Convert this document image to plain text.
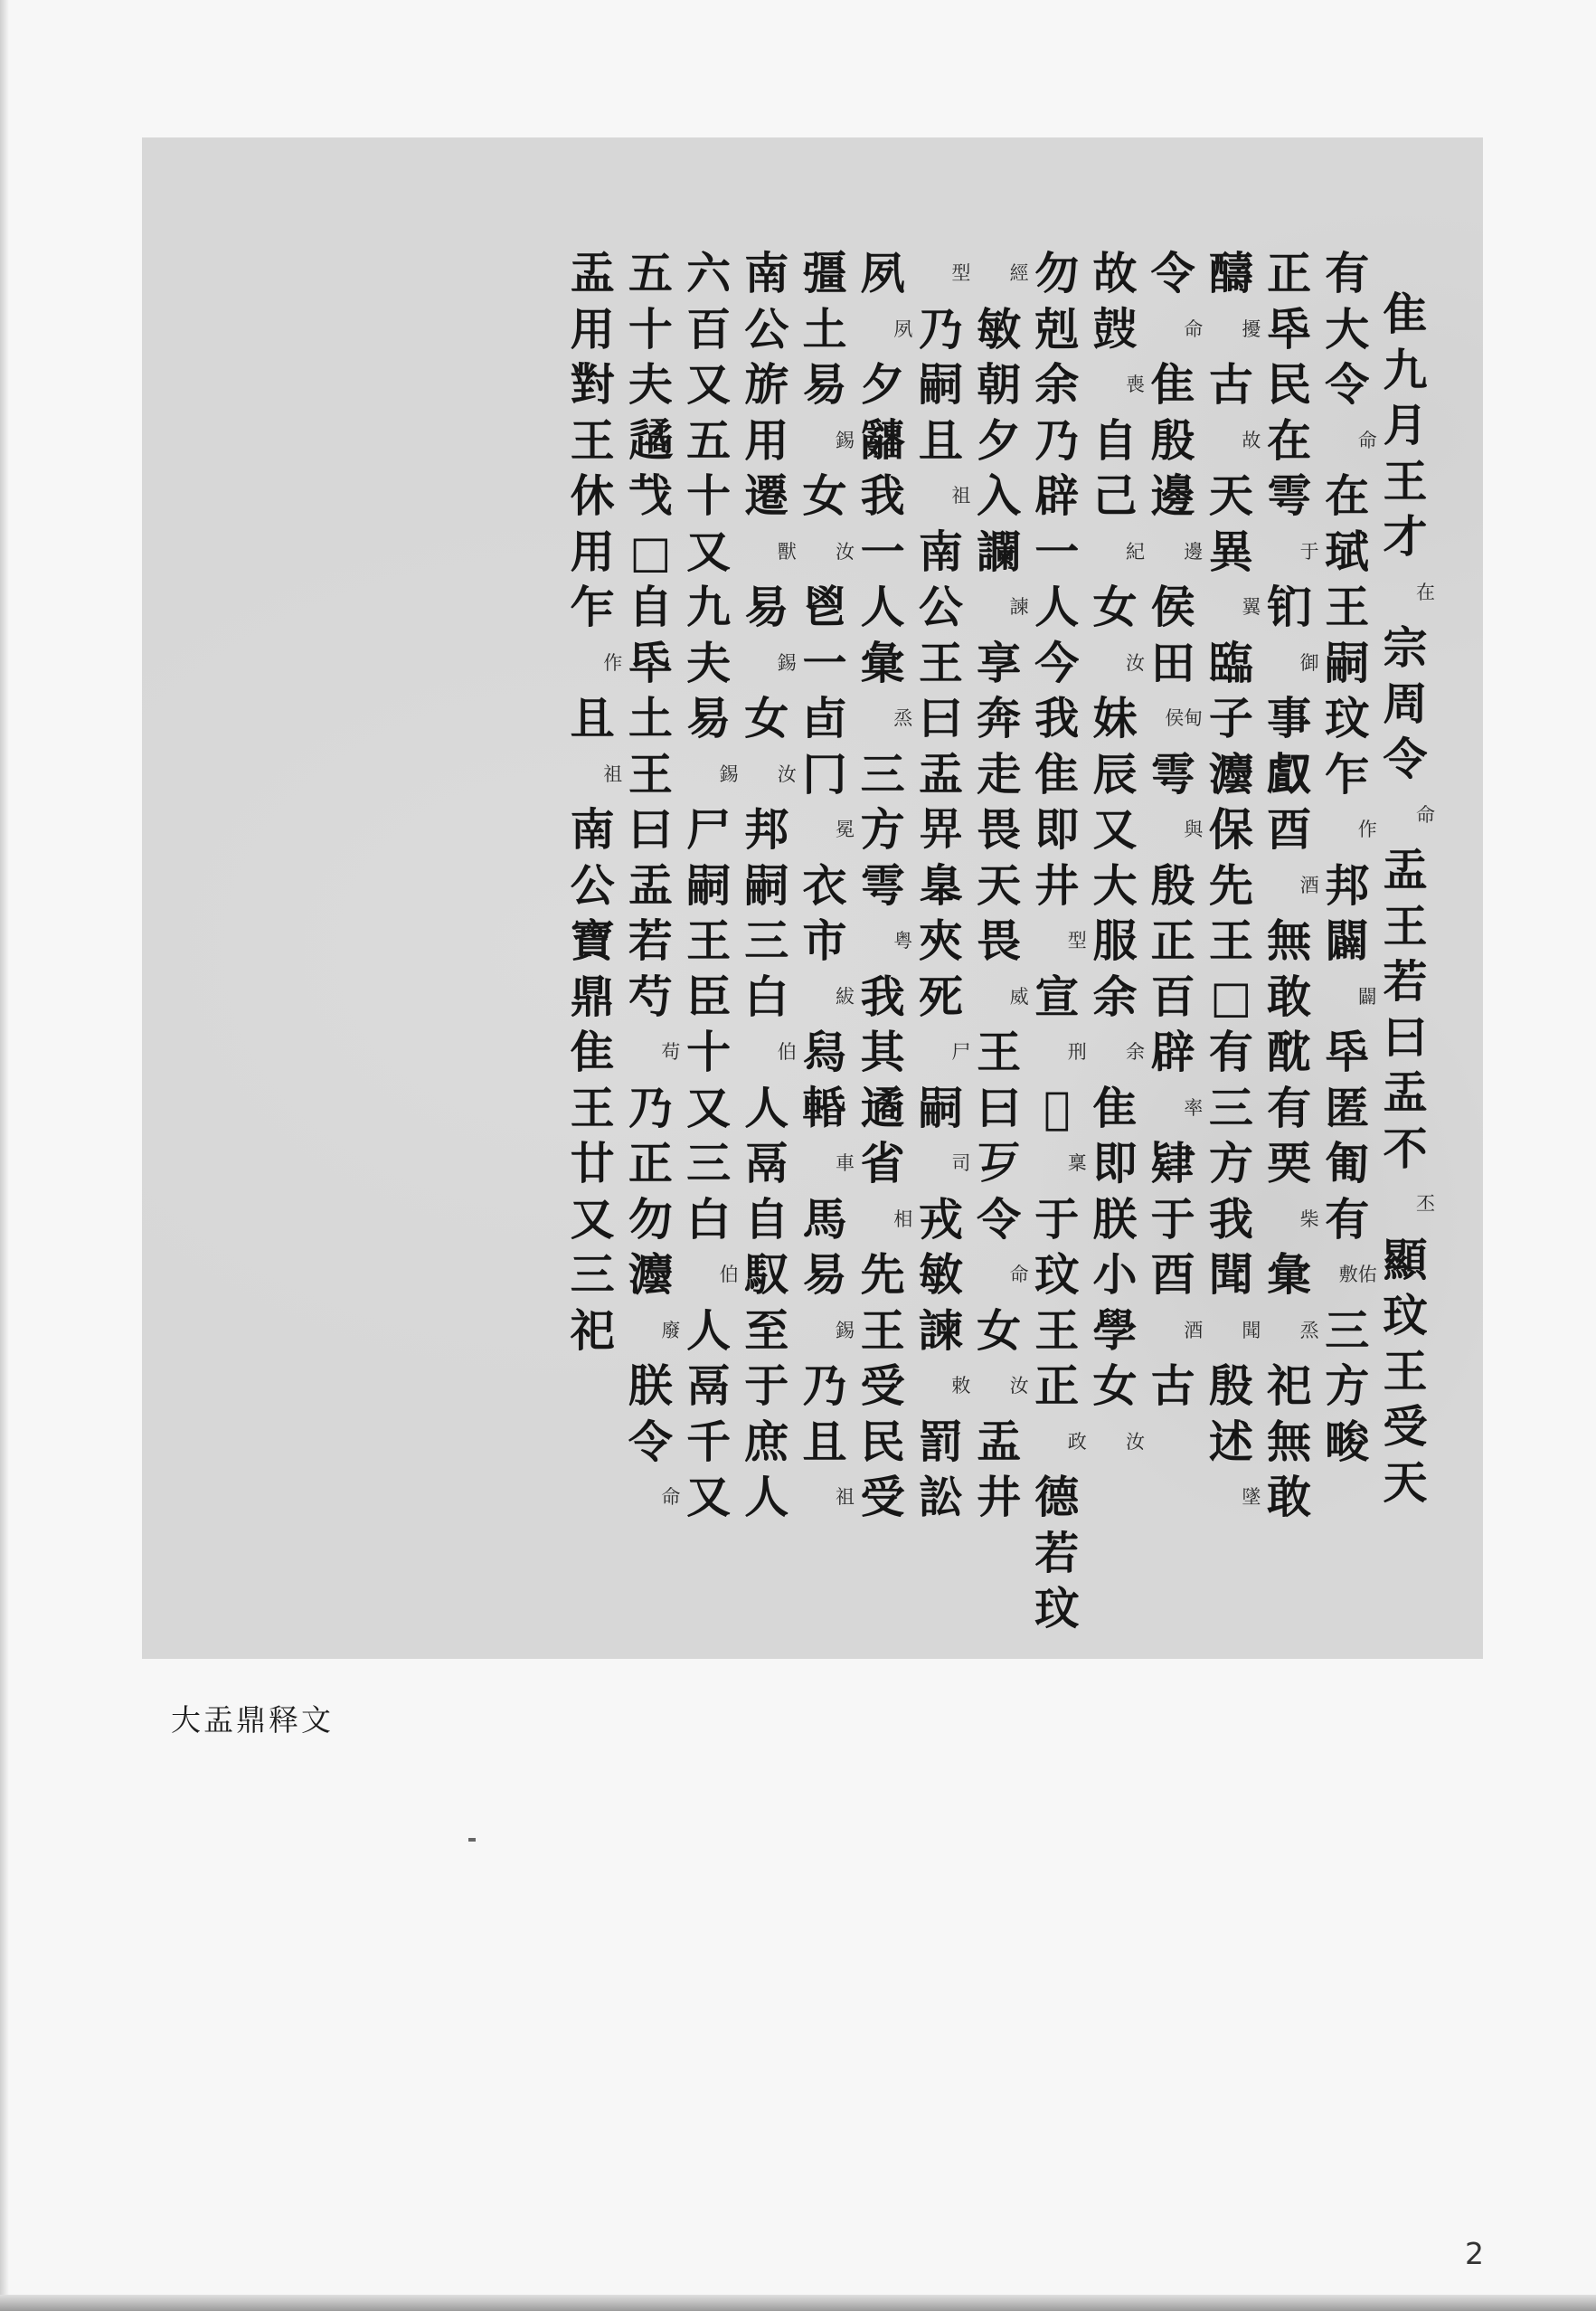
隹
九
月
王
才
在
宗
周
令
命
盂
王
若
曰
盂
不
丕
顯
玟
王
受
天
有
大
令
命
在
珷
王
嗣
玟
乍
作
邦
闢
闢
氒
匿
匍
有
敷佑
三
方
畯
正
氒
民
在
雩
于
钔
御
事
𠭯
酉
酒
無
敢
酖
有
䙲
柴
𢑥
烝
祀
無
敢
醻
擾
古
故
天
異
翼
臨
子
灋
保
先
王
□
有
三
方
我
聞
聞
殷
述
墜
令
命
隹
殷
邊
邊
侯
田
侯甸
雩
與
殷
正
百
辟
率
肄
于
酉
酒
古
故
𡔷
喪
自
己
紀
女
汝
妹
辰
又
大
服
余
余
隹
即
朕
小
學
女
汝
勿
剋
余
乃
辟
一
人
今
我
隹
即
井
型
宣
刑
𪉇
稟
于
玟
王
正
政
德
若
玟
經
敏
朝
夕
入
讕
諫
享
奔
走
畏
天
畏
威
王
曰
𣦶
令
命
女
汝
盂
井
型
乃
嗣
且
祖
南
公
王
曰
盂
𢌿
𦤎
夾
死
尸
嗣
司
戎
敏
諫
敕
罰
訟
夙
夙
夕
𤕌
我
一
人
𢑥
烝
三
方
雩
粤
我
其
遹
省
相
先
王
受
民
受
彊
土
易
錫
女
汝
鬯
一
卣
冂
冕
衣
市
紱
舄
𨌲
車
馬
易
錫
乃
且
祖
南
公
旂
用
遷
獸
易
錫
女
汝
邦
嗣
三
白
伯
人
鬲
自
馭
至
于
庶
人
六
百
又
五
十
又
九
夫
易
錫
尸
嗣
王
臣
十
又
三
白
伯
人
鬲
千
又
五
十
夫
𨗝
𢦏
□
自
氒
土
王
曰
盂
若
芍
苟
乃
正
勿
灋
廢
朕
令
命
盂
用
對
王
休
用
乍
作
且
祖
南
公
寶
鼎
隹
王
廿
又
三
祀
大盂鼎释文
2
